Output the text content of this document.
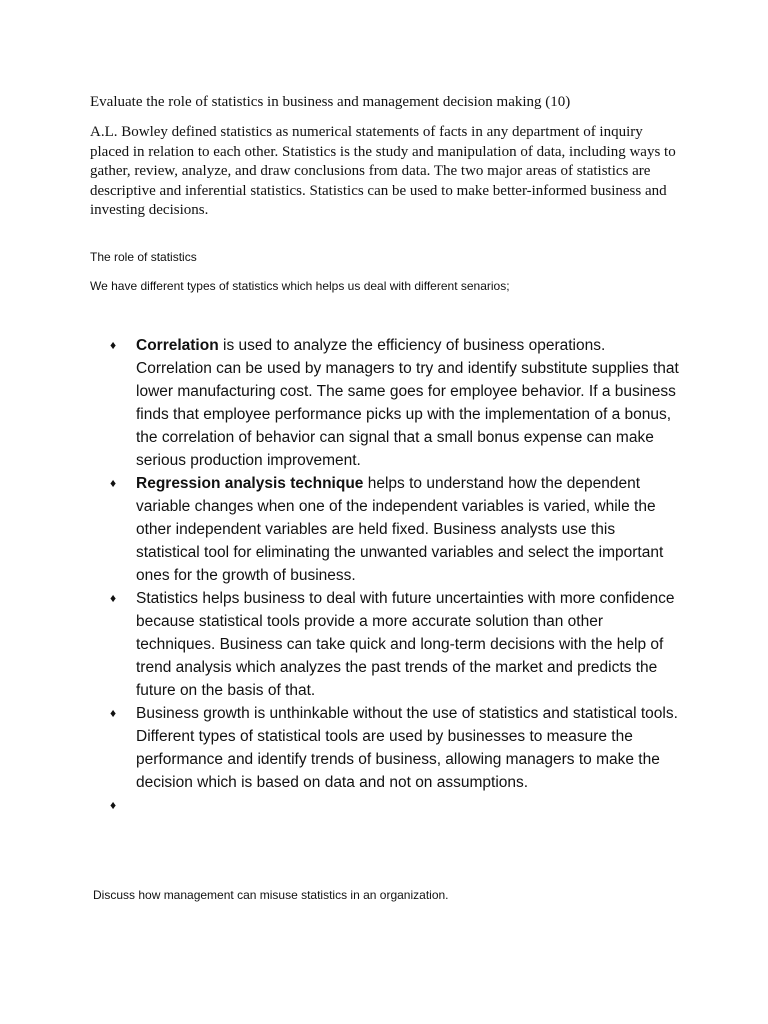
Evaluate the role of statistics in business and management decision making (10)
A.L. Bowley defined statistics as numerical statements of facts in any department of inquiry placed in relation to each other. Statistics is the study and manipulation of data, including ways to gather, review, analyze, and draw conclusions from data. The two major areas of statistics are descriptive and inferential statistics. Statistics can be used to make better-informed business and investing decisions.
The role of statistics
We have different types of statistics which helps us deal with different senarios;
♦ Correlation is used to analyze the efficiency of business operations. Correlation can be used by managers to try and identify substitute supplies that lower manufacturing cost. The same goes for employee behavior. If a business finds that employee performance picks up with the implementation of a bonus, the correlation of behavior can signal that a small bonus expense can make serious production improvement.
♦ Regression analysis technique helps to understand how the dependent variable changes when one of the independent variables is varied, while the other independent variables are held fixed. Business analysts use this statistical tool for eliminating the unwanted variables and select the important ones for the growth of business.
♦ Statistics helps business to deal with future uncertainties with more confidence because statistical tools provide a more accurate solution than other techniques. Business can take quick and long-term decisions with the help of trend analysis which analyzes the past trends of the market and predicts the future on the basis of that.
♦ Business growth is unthinkable without the use of statistics and statistical tools. Different types of statistical tools are used by businesses to measure the performance and identify trends of business, allowing managers to make the decision which is based on data and not on assumptions.
♦
Discuss how management can misuse statistics in an organization.
